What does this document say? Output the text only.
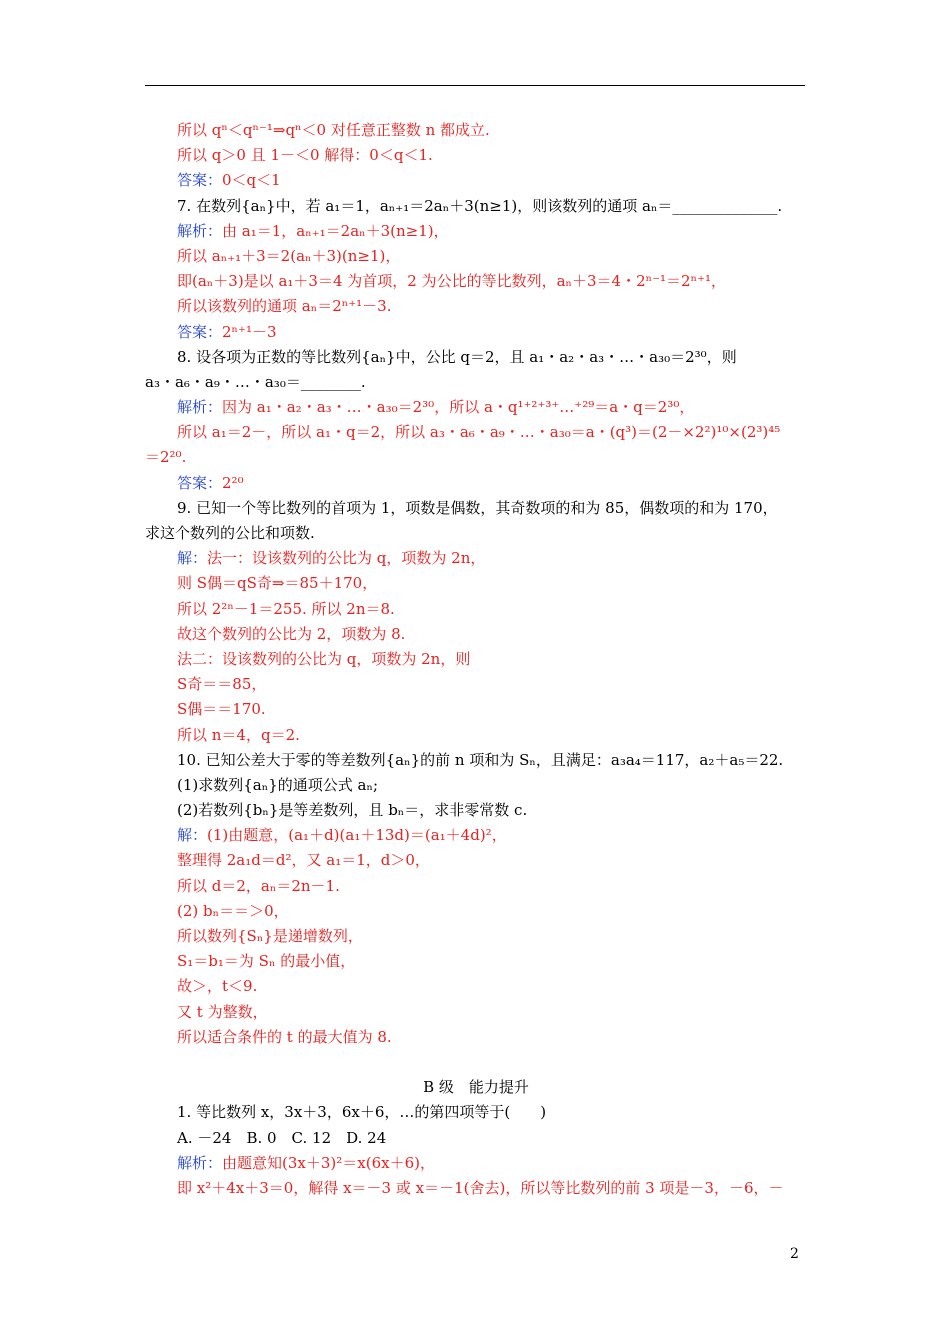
所以 qⁿ＜qⁿ⁻¹⇒qⁿ＜0 对任意正整数 n 都成立.
所以 q＞0 且 1－＜0 解得：0＜q＜1.
答案：0＜q＜1
7. 在数列{aₙ}中，若 a₁＝1，aₙ₊₁＝2aₙ＋3(n≥1)，则该数列的通项 aₙ＝______________.
解析：由 a₁＝1，aₙ₊₁＝2aₙ＋3(n≥1)，
所以 aₙ₊₁＋3＝2(aₙ＋3)(n≥1)，
即(aₙ＋3)是以 a₁＋3＝4 为首项，2 为公比的等比数列，aₙ＋3＝4・2ⁿ⁻¹＝2ⁿ⁺¹，
所以该数列的通项 aₙ＝2ⁿ⁺¹－3.
答案：2ⁿ⁺¹－3
8. 设各项为正数的等比数列{aₙ}中，公比 q＝2，且 a₁・a₂・a₃・…・a₃₀＝2³⁰，则
a₃・a₆・a₉・…・a₃₀＝________.
解析：因为 a₁・a₂・a₃・…・a₃₀＝2³⁰，所以 a・q¹⁺²⁺³⁺…⁺²⁹＝a・q＝2³⁰，
所以 a₁＝2－，所以 a₁・q＝2，所以 a₃・a₆・a₉・…・a₃₀＝a・(q³)＝(2－×2²)¹⁰×(2³)⁴⁵
＝2²⁰.
答案：2²⁰
9. 已知一个等比数列的首项为 1，项数是偶数，其奇数项的和为 85，偶数项的和为 170，
求这个数列的公比和项数.
解：法一：设该数列的公比为 q，项数为 2n，
则 S偶＝qS奇⇒＝85＋170，
所以 2²ⁿ－1＝255. 所以 2n＝8.
故这个数列的公比为 2，项数为 8.
法二：设该数列的公比为 q，项数为 2n，则
S奇＝＝85，
S偶＝＝170.
所以 n＝4，q＝2.
10. 已知公差大于零的等差数列{aₙ}的前 n 项和为 Sₙ，且满足：a₃a₄＝117，a₂＋a₅＝22.
(1)求数列{aₙ}的通项公式 aₙ;
(2)若数列{bₙ}是等差数列，且 bₙ＝，求非零常数 c.
解：(1)由题意，(a₁＋d)(a₁＋13d)＝(a₁＋4d)²，
整理得 2a₁d＝d²，又 a₁＝1，d＞0，
所以 d＝2，aₙ＝2n－1.
(2) bₙ＝＝＞0，
所以数列{Sₙ}是递增数列，
S₁＝b₁＝为 Sₙ 的最小值，
故＞，t＜9.
又 t 为整数，
所以适合条件的 t 的最大值为 8.
B 级　能力提升
1. 等比数列 x，3x＋3，6x＋6，…的第四项等于(　　)
A. －24　B. 0　C. 12　D. 24
解析：由题意知(3x＋3)²＝x(6x＋6)，
即 x²＋4x＋3＝0，解得 x＝－3 或 x＝－1(舍去)，所以等比数列的前 3 项是－3，－6，－
2
